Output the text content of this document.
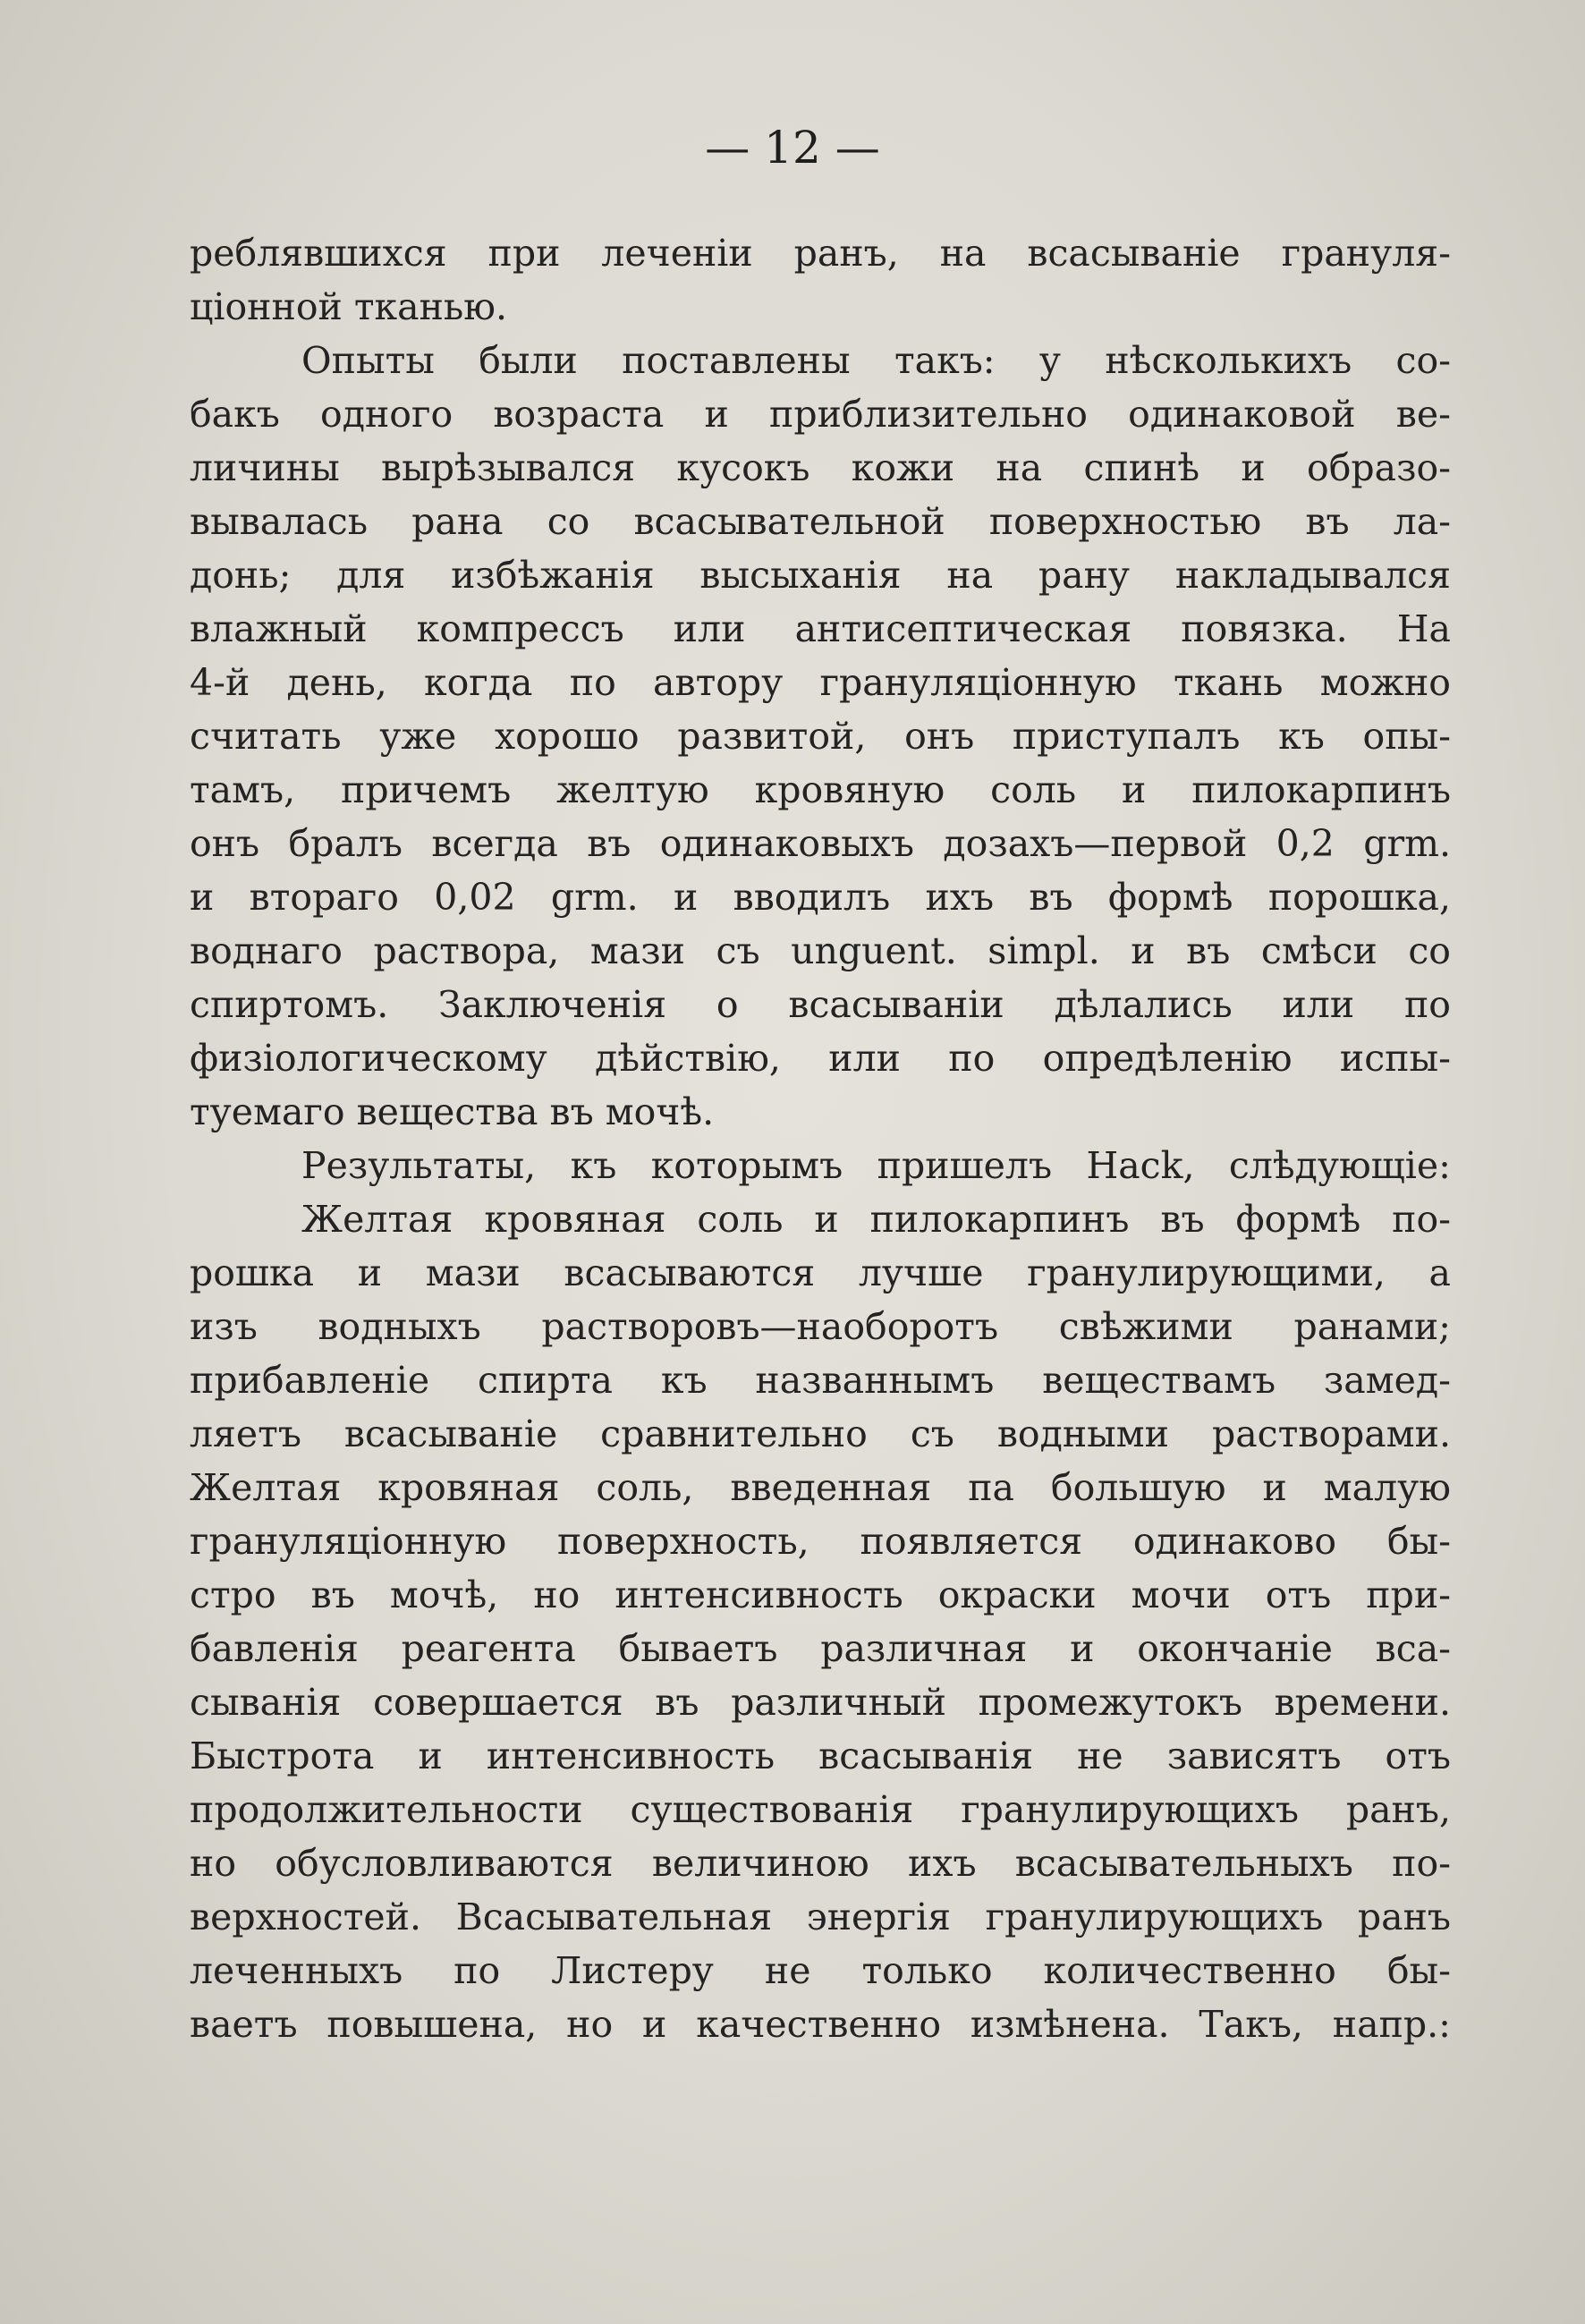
— 12 —
реблявшихся при леченіи ранъ, на всасываніе грануля-
ціонной тканью.
Опыты были поставлены такъ: у нѣсколькихъ со-
бакъ одного возраста и приблизительно одинаковой ве-
личины вырѣзывался кусокъ кожи на спинѣ и образо-
вывалась рана со всасывательной поверхностью въ ла-
донь; для избѣжанія высыханія на рану накладывался
влажный компрессъ или антисептическая повязка. На
4-й день, когда по автору грануляціонную ткань можно
считать уже хорошо развитой, онъ приступалъ къ опы-
тамъ, причемъ желтую кровяную соль и пилокарпинъ
онъ бралъ всегда въ одинаковыхъ дозахъ—первой 0,2 grm.
и втораго 0,02 grm. и вводилъ ихъ въ формѣ порошка,
воднаго раствора, мази съ unguent. simpl. и въ смѣси со
спиртомъ. Заключенія о всасываніи дѣлались или по
физіологическому дѣйствію, или по опредѣленію испы-
туемаго вещества въ мочѣ.
Результаты, къ которымъ пришелъ Hack, слѣдующіе:
Желтая кровяная соль и пилокарпинъ въ формѣ по-
рошка и мази всасываются лучше гранулирующими, а
изъ водныхъ растворовъ—наоборотъ свѣжими ранами;
прибавленіе спирта къ названнымъ веществамъ замед-
ляетъ всасываніе сравнительно съ водными растворами.
Желтая кровяная соль, введенная па большую и малую
грануляціонную поверхность, появляется одинаково бы-
стро въ мочѣ, но интенсивность окраски мочи отъ при-
бавленія реагента бываетъ различная и окончаніе вса-
сыванія совершается въ различный промежутокъ времени.
Быстрота и интенсивность всасыванія не зависятъ отъ
продолжительности существованія гранулирующихъ ранъ,
но обусловливаются величиною ихъ всасывательныхъ по-
верхностей. Всасывательная энергія гранулирующихъ ранъ
леченныхъ по Листеру не только количественно бы-
ваетъ повышена, но и качественно измѣнена. Такъ, напр.:
